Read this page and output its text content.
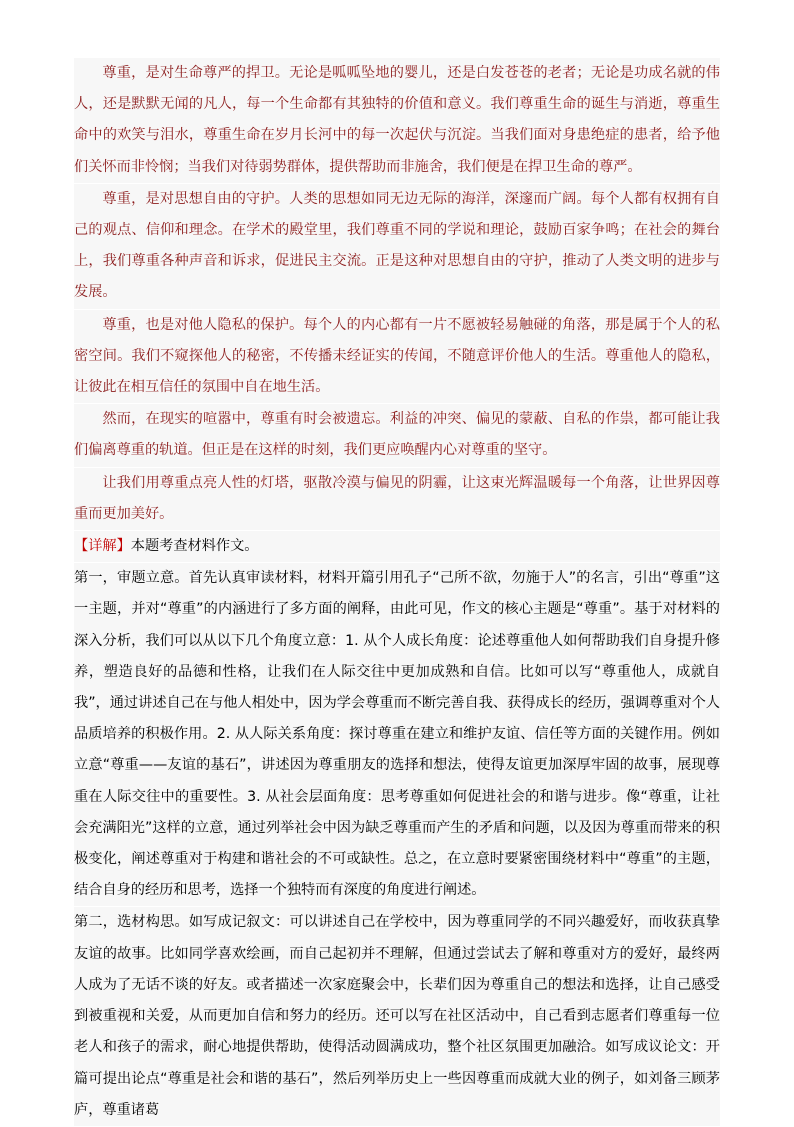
尊重，是对生命尊严的捍卫。无论是呱呱坠地的婴儿，还是白发苍苍的老者；无论是功成名就的伟人，还是默默无闻的凡人，每一个生命都有其独特的价值和意义。我们尊重生命的诞生与消逝，尊重生命中的欢笑与泪水，尊重生命在岁月长河中的每一次起伏与沉淀。当我们面对身患绝症的患者，给予他们关怀而非怜悯；当我们对待弱势群体，提供帮助而非施舍，我们便是在捍卫生命的尊严。

尊重，是对思想自由的守护。人类的思想如同无边无际的海洋，深邃而广阔。每个人都有权拥有自己的观点、信仰和理念。在学术的殿堂里，我们尊重不同的学说和理论，鼓励百家争鸣；在社会的舞台上，我们尊重各种声音和诉求，促进民主交流。正是这种对思想自由的守护，推动了人类文明的进步与发展。

尊重，也是对他人隐私的保护。每个人的内心都有一片不愿被轻易触碰的角落，那是属于个人的私密空间。我们不窥探他人的秘密，不传播未经证实的传闻，不随意评价他人的生活。尊重他人的隐私，让彼此在相互信任的氛围中自在地生活。

然而，在现实的喧嚣中，尊重有时会被遗忘。利益的冲突、偏见的蒙蔽、自私的作祟，都可能让我们偏离尊重的轨道。但正是在这样的时刻，我们更应唤醒内心对尊重的坚守。

让我们用尊重点亮人性的灯塔，驱散冷漠与偏见的阴霾，让这束光辉温暖每一个角落，让世界因尊重而更加美好。

【详解】本题考查材料作文。

第一，审题立意。首先认真审读材料，材料开篇引用孔子“己所不欲，勿施于人”的名言，引出“尊重”这一主题，并对“尊重”的内涵进行了多方面的阐释，由此可见，作文的核心主题是“尊重”。基于对材料的深入分析，我们可以从以下几个角度立意：1. 从个人成长角度：论述尊重他人如何帮助我们自身提升修养，塑造良好的品德和性格，让我们在人际交往中更加成熟和自信。比如可以写“尊重他人，成就自我”，通过讲述自己在与他人相处中，因为学会尊重而不断完善自我、获得成长的经历，强调尊重对个人品质培养的积极作用。2. 从人际关系角度：探讨尊重在建立和维护友谊、信任等方面的关键作用。例如立意“尊重——友谊的基石”，讲述因为尊重朋友的选择和想法，使得友谊更加深厚牢固的故事，展现尊重在人际交往中的重要性。3. 从社会层面角度：思考尊重如何促进社会的和谐与进步。像“尊重，让社会充满阳光”这样的立意，通过列举社会中因为缺乏尊重而产生的矛盾和问题，以及因为尊重而带来的积极变化，阐述尊重对于构建和谐社会的不可或缺性。总之，在立意时要紧密围绕材料中“尊重”的主题，结合自身的经历和思考，选择一个独特而有深度的角度进行阐述。

第二，选材构思。如写成记叙文：可以讲述自己在学校中，因为尊重同学的不同兴趣爱好，而收获真挚友谊的故事。比如同学喜欢绘画，而自己起初并不理解，但通过尝试去了解和尊重对方的爱好，最终两人成为了无话不谈的好友。或者描述一次家庭聚会中，长辈们因为尊重自己的想法和选择，让自己感受到被重视和关爱，从而更加自信和努力的经历。还可以写在社区活动中，自己看到志愿者们尊重每一位老人和孩子的需求，耐心地提供帮助，使得活动圆满成功，整个社区氛围更加融洽。如写成议论文：开篇可提出论点“尊重是社会和谐的基石”，然后列举历史上一些因尊重而成就大业的例子，如刘备三顾茅庐，尊重诸葛
